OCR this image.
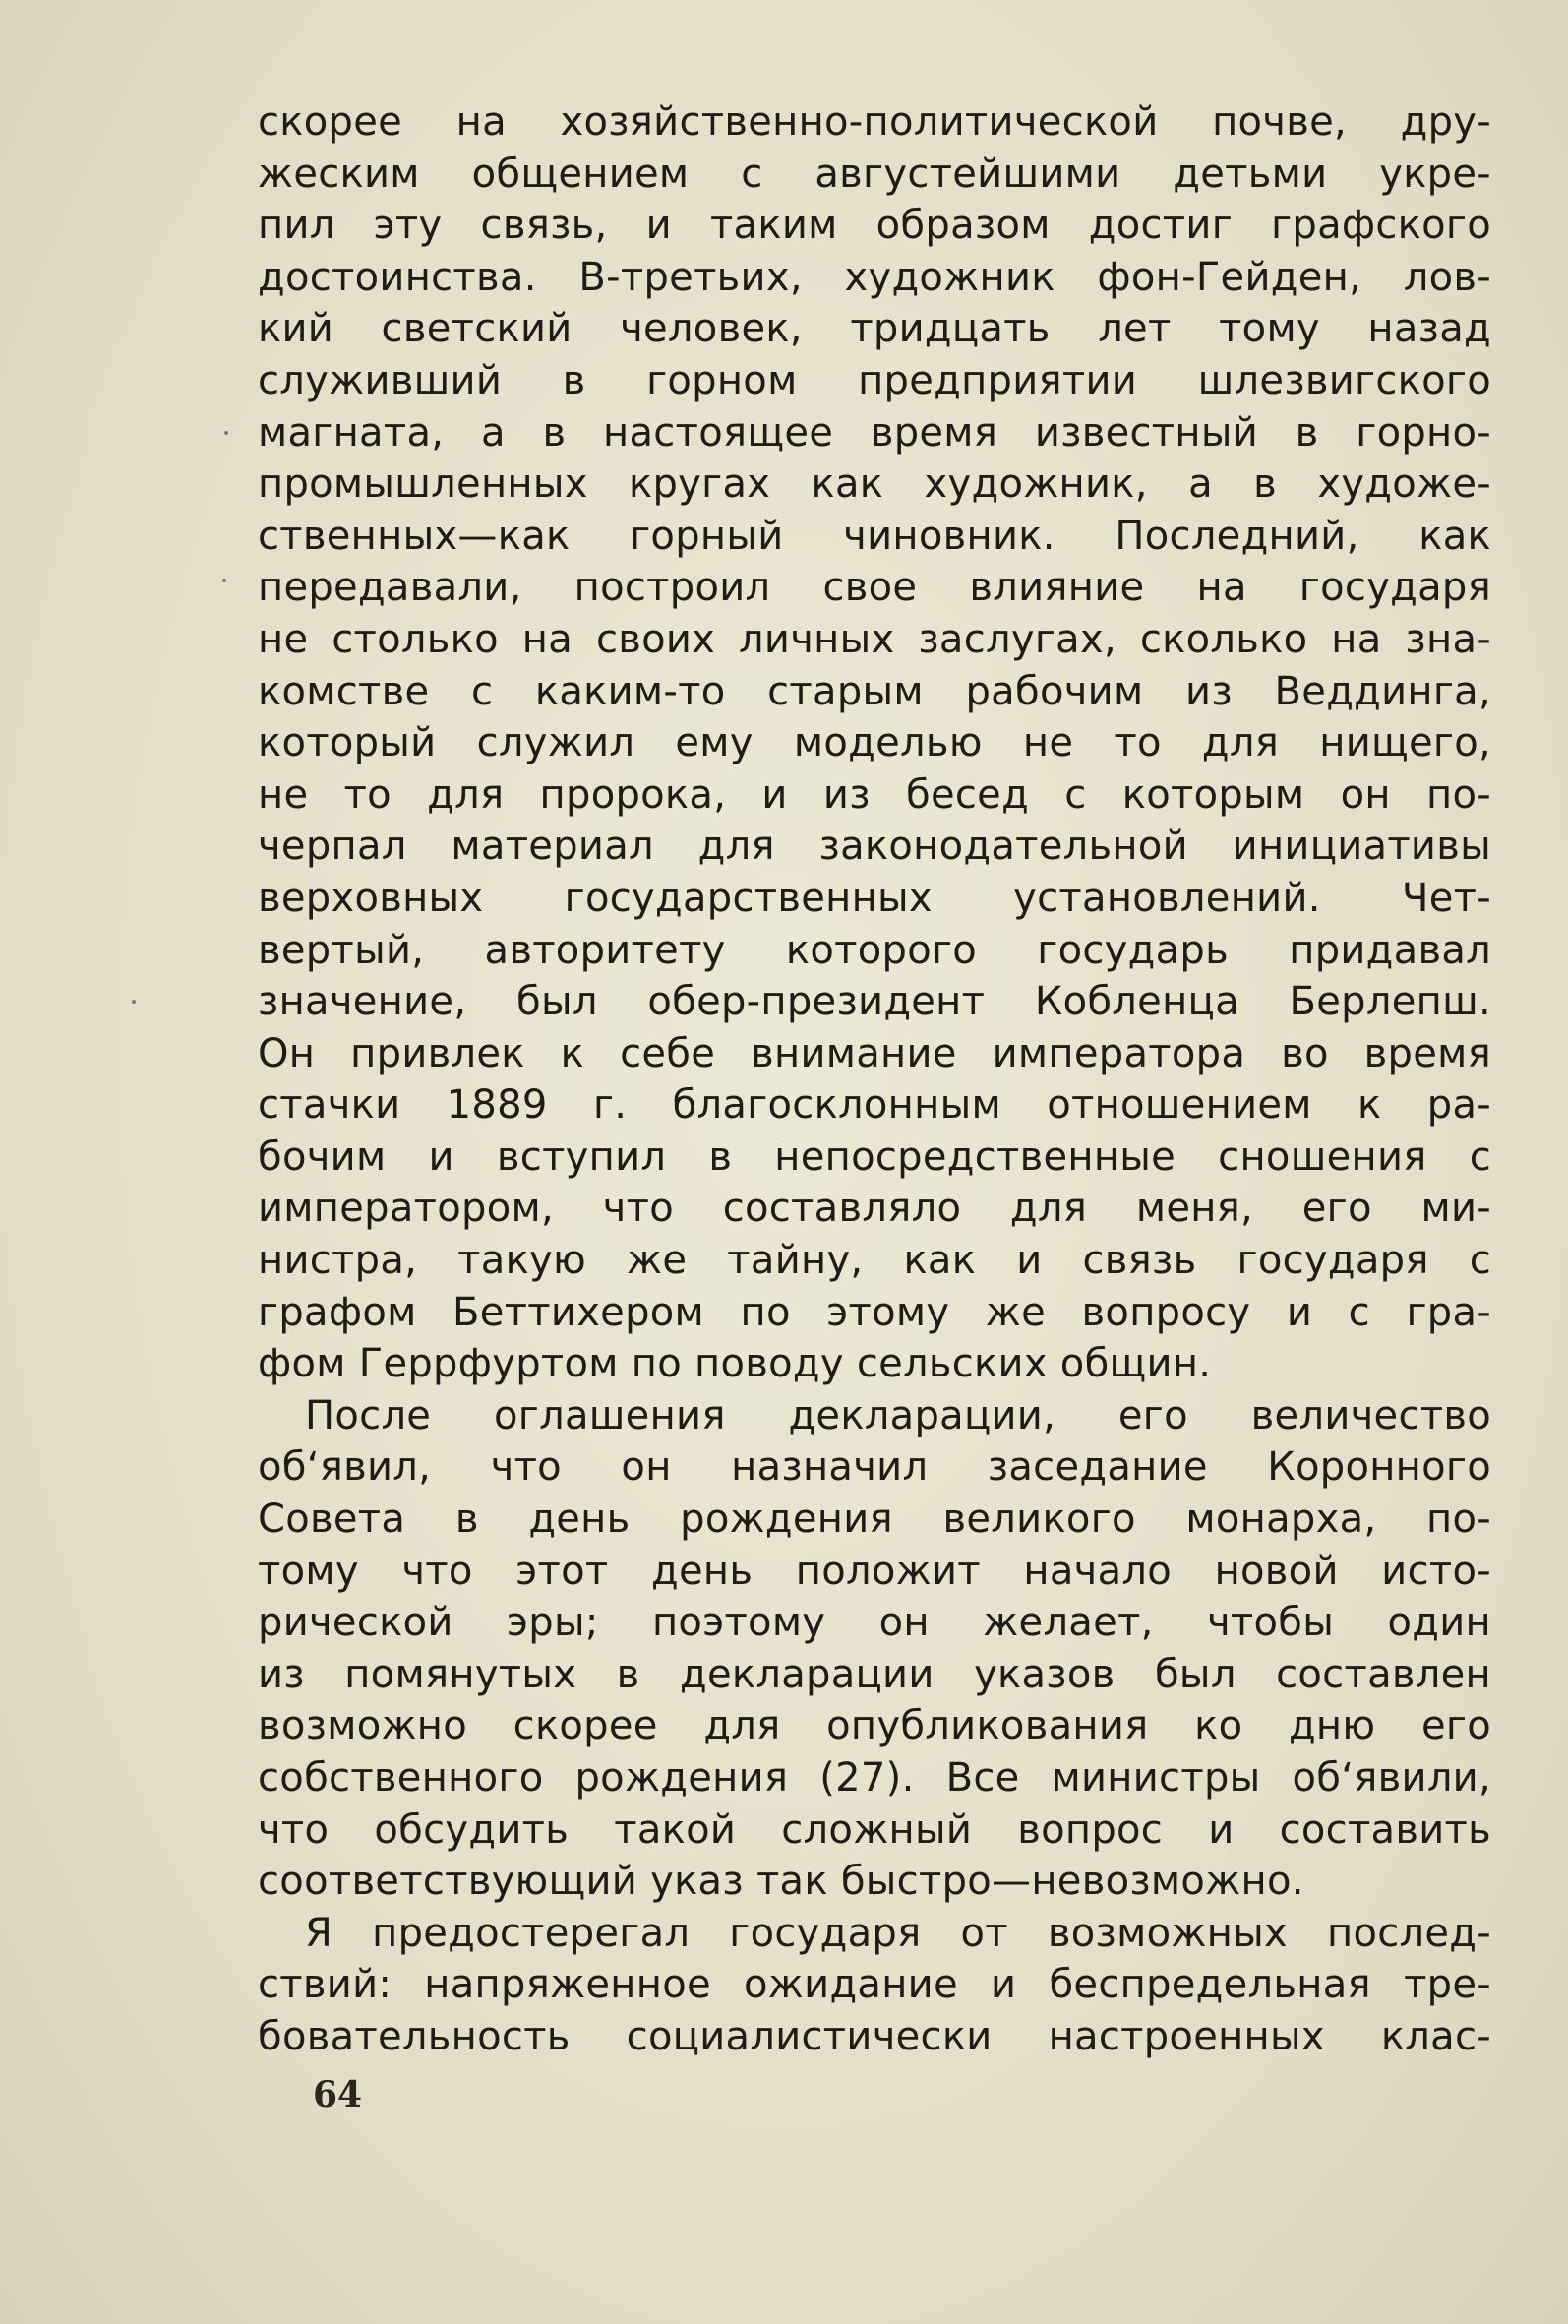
скорее на хозяйственно-политической почве, дру-
жеским общением с августейшими детьми укре-
пил эту связь, и таким образом достиг графского
достоинства. В-третьих, художник фон-Гейден, лов-
кий светский человек, тридцать лет тому назад
служивший в горном предприятии шлезвигского
магната, а в настоящее время известный в горно-
промышленных кругах как художник, а в художе-
ственных—как горный чиновник. Последний, как
передавали, построил свое влияние на государя
не столько на своих личных заслугах, сколько на зна-
комстве с каким-то старым рабочим из Веддинга,
который служил ему моделью не то для нищего,
не то для пророка, и из бесед с которым он по-
черпал материал для законодательной инициативы
верховных государственных установлений. Чет-
вертый, авторитету которого государь придавал
значение, был обер-президент Кобленца Берлепш.
Он привлек к себе внимание императора во время
стачки 1889 г. благосклонным отношением к ра-
бочим и вступил в непосредственные сношения с
императором, что составляло для меня, его ми-
нистра, такую же тайну, как и связь государя с
графом Беттихером по этому же вопросу и с гра-
фом Геррфуртом по поводу сельских общин.
После оглашения декларации, его величество
об‘явил, что он назначил заседание Коронного
Совета в день рождения великого монарха, по-
тому что этот день положит начало новой исто-
рической эры; поэтому он желает, чтобы один
из помянутых в декларации указов был составлен
возможно скорее для опубликования ко дню его
собственного рождения (27). Все министры об‘явили,
что обсудить такой сложный вопрос и составить
соответствующий указ так быстро—невозможно.
Я предостерегал государя от возможных послед-
ствий: напряженное ожидание и беспредельная тре-
бовательность социалистически настроенных клас-
64
